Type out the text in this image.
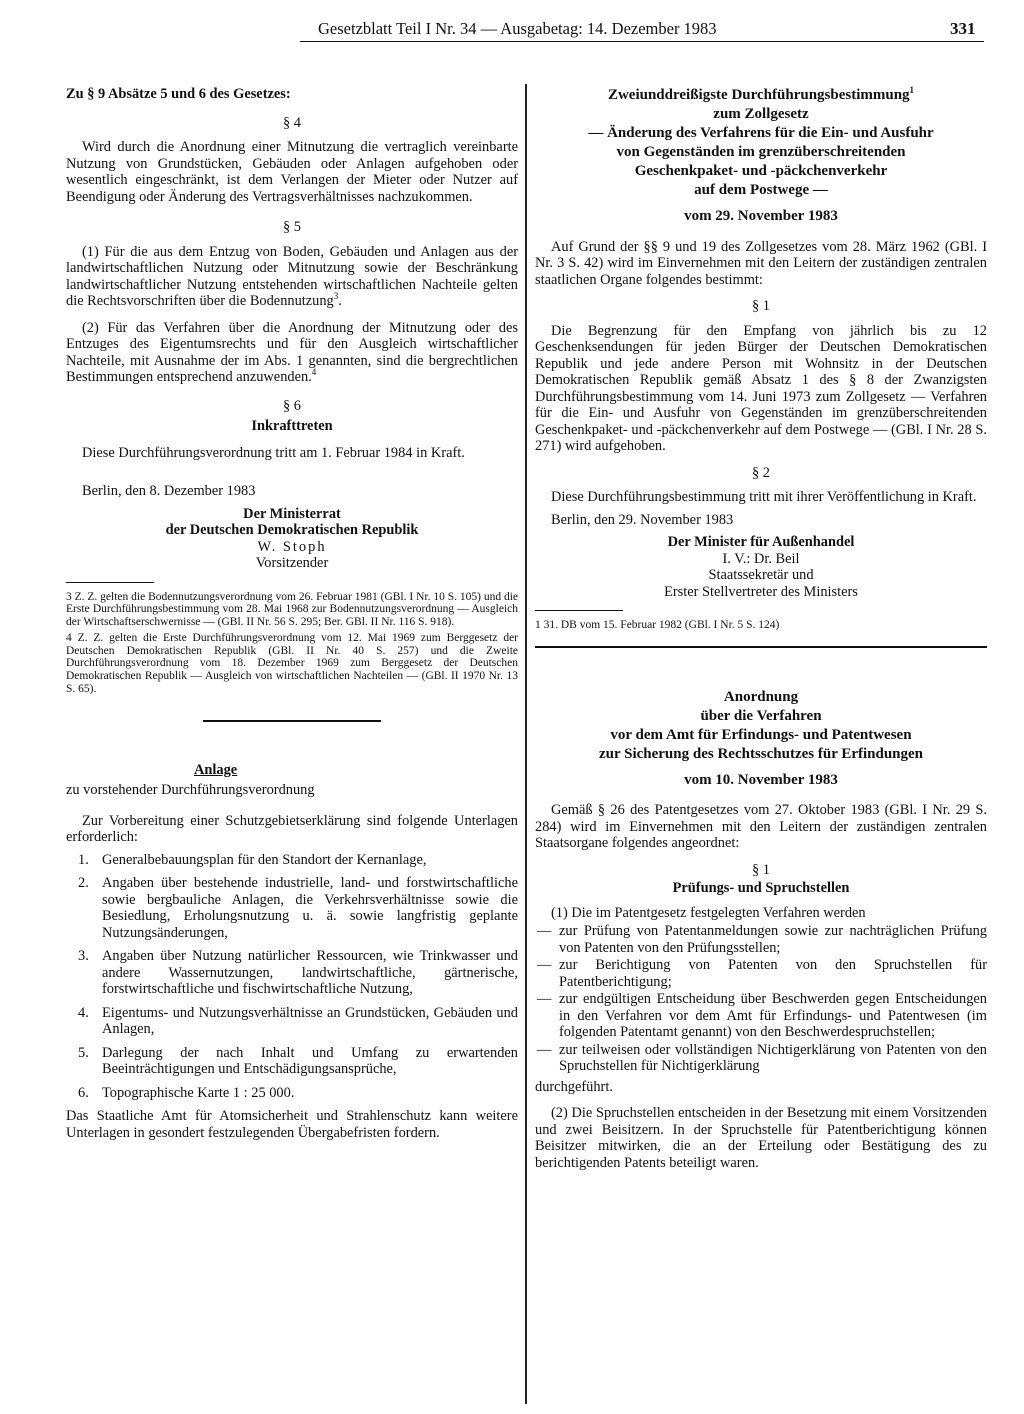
Gesetzblatt Teil I Nr. 34 — Ausgabetag: 14. Dezember 1983	331
Zu § 9 Absätze 5 und 6 des Gesetzes:
§ 4

Wird durch die Anordnung einer Mitnutzung die vertraglich vereinbarte Nutzung von Grundstücken, Gebäuden oder Anlagen aufgehoben oder wesentlich eingeschränkt, ist dem Verlangen der Mieter oder Nutzer auf Beendigung oder Änderung des Vertragsverhältnisses nachzukommen.

§ 5

(1) Für die aus dem Entzug von Boden, Gebäuden und Anlagen aus der landwirtschaftlichen Nutzung oder Mitnutzung sowie der Beschränkung landwirtschaftlicher Nutzung entstehenden wirtschaftlichen Nachteile gelten die Rechtsvorschriften über die Bodennutzung$^3$.

(2) Für das Verfahren über die Anordnung der Mitnutzung oder des Entzuges des Eigentumsrechts und für den Ausgleich wirtschaftlicher Nachteile, mit Ausnahme der im Abs. 1 genannten, sind die bergrechtlichen Bestimmungen entsprechend anzuwenden.$^4$

§ 6
Inkrafttreten

Diese Durchführungsverordnung tritt am 1. Februar 1984 in Kraft.

Berlin, den 8. Dezember 1983

Der Ministerrat
der Deutschen Demokratischen Republik
W. Stoph
Vorsitzender
3 Z. Z. gelten die Bodennutzungsverordnung vom 26. Februar 1981 (GBl. I Nr. 10 S. 105) und die Erste Durchführungsbestimmung vom 28. Mai 1968 zur Bodennutzungsverordnung — Ausgleich der Wirtschaftserschwernisse — (GBl. II Nr. 56 S. 295; Ber. GBl. II Nr. 116 S. 918).
4 Z. Z. gelten die Erste Durchführungsverordnung vom 12. Mai 1969 zum Berggesetz der Deutschen Demokratischen Republik (GBl. II Nr. 40 S. 257) und die Zweite Durchführungsverordnung vom 18. Dezember 1969 zum Berggesetz der Deutschen Demokratischen Republik — Ausgleich von wirtschaftlichen Nachteilen — (GBl. II 1970 Nr. 13 S. 65).
Anlage
zu vorstehender Durchführungsverordnung

Zur Vorbereitung einer Schutzgebietserklärung sind folgende Unterlagen erforderlich:

1. Generalbebauungsplan für den Standort der Kernanlage,
2. Angaben über bestehende industrielle, land- und forstwirtschaftliche sowie bergbauliche Anlagen, die Verkehrsverhältnisse sowie die Besiedlung, Erholungsnutzung u. ä. sowie langfristig geplante Nutzungsänderungen,
3. Angaben über Nutzung natürlicher Ressourcen, wie Trinkwasser und andere Wassernutzungen, landwirtschaftliche, gärtnerische, forstwirtschaftliche und fischwirtschaftliche Nutzung,
4. Eigentums- und Nutzungsverhältnisse an Grundstücken, Gebäuden und Anlagen,
5. Darlegung der nach Inhalt und Umfang zu erwartenden Beeinträchtigungen und Entschädigungsansprüche,
6. Topographische Karte 1 : 25 000.

Das Staatliche Amt für Atomsicherheit und Strahlenschutz kann weitere Unterlagen in gesondert festzulegenden Übergabefristen fordern.

Zweiunddreißigste Durchführungsbestimmung$^1$
zum Zollgesetz
— Änderung des Verfahrens für die Ein- und Ausfuhr
von Gegenständen im grenzüberschreitenden
Geschenkpaket- und -päckchenverkehr
auf dem Postwege —
vom 29. November 1983

Auf Grund der §§ 9 und 19 des Zollgesetzes vom 28. März 1962 (GBl. I Nr. 3 S. 42) wird im Einvernehmen mit den Leitern der zuständigen zentralen staatlichen Organe folgendes bestimmt:

§ 1

Die Begrenzung für den Empfang von jährlich bis zu 12 Geschenksendungen für jeden Bürger der Deutschen Demokratischen Republik und jede andere Person mit Wohnsitz in der Deutschen Demokratischen Republik gemäß Absatz 1 des § 8 der Zwanzigsten Durchführungsbestimmung vom 14. Juni 1973 zum Zollgesetz — Verfahren für die Ein- und Ausfuhr von Gegenständen im grenzüberschreitenden Geschenkpaket- und -päckchenverkehr auf dem Postwege — (GBl. I Nr. 28 S. 271) wird aufgehoben.

§ 2

Diese Durchführungsbestimmung tritt mit ihrer Veröffentlichung in Kraft.

Berlin, den 29. November 1983

Der Minister für Außenhandel
I. V.: Dr. Beil
Staatssekretär und
Erster Stellvertreter des Ministers
1 31. DB vom 15. Februar 1982 (GBl. I Nr. 5 S. 124)
Anordnung
über die Verfahren
vor dem Amt für Erfindungs- und Patentwesen
zur Sicherung des Rechtsschutzes für Erfindungen
vom 10. November 1983

Gemäß § 26 des Patentgesetzes vom 27. Oktober 1983 (GBl. I Nr. 29 S. 284) wird im Einvernehmen mit den Leitern der zuständigen zentralen Staatsorgane folgendes angeordnet:

§ 1
Prüfungs- und Spruchstellen

(1) Die im Patentgesetz festgelegten Verfahren werden

— zur Prüfung von Patentanmeldungen sowie zur nachträglichen Prüfung von Patenten von den Prüfungsstellen;
— zur Berichtigung von Patenten von den Spruchstellen für Patentberichtigung;
— zur endgültigen Entscheidung über Beschwerden gegen Entscheidungen in den Verfahren vor dem Amt für Erfindungs- und Patentwesen (im folgenden Patentamt genannt) von den Beschwerdespruchstellen;
— zur teilweisen oder vollständigen Nichtigerklärung von Patenten von den Spruchstellen für Nichtigerklärung

durchgeführt.

(2) Die Spruchstellen entscheiden in der Besetzung mit einem Vorsitzenden und zwei Beisitzern. In der Spruchstelle für Patentberichtigung können Beisitzer mitwirken, die an der Erteilung oder Bestätigung des zu berichtigenden Patents beteiligt waren.
